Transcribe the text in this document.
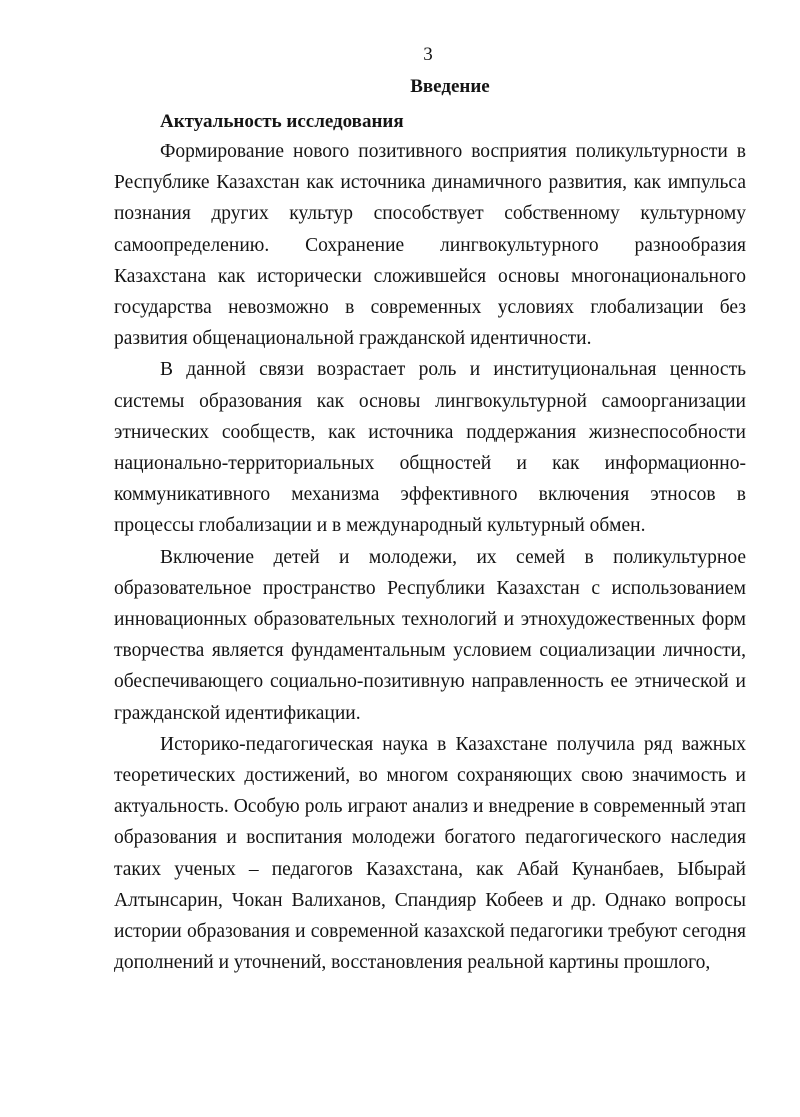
3
Введение
Актуальность исследования

Формирование нового позитивного восприятия поликультурности в Республике Казахстан как источника динамичного развития, как импульса познания других культур способствует собственному культурному самоопределению. Сохранение лингвокультурного разнообразия Казахстана как исторически сложившейся основы многонационального государства невозможно в современных условиях глобализации без развития общенациональной гражданской идентичности.

В данной связи возрастает роль и институциональная ценность системы образования как основы лингвокультурной самоорганизации этнических сообществ, как источника поддержания жизнеспособности национально-территориальных общностей и как информационно-коммуникативного механизма эффективного включения этносов в процессы глобализации и в международный культурный обмен.

Включение детей и молодежи, их семей в поликультурное образовательное пространство Республики Казахстан с использованием инновационных образовательных технологий и этнохудожественных форм творчества является фундаментальным условием социализации личности, обеспечивающего социально-позитивную направленность ее этнической и гражданской идентификации.

Историко-педагогическая наука в Казахстане получила ряд важных теоретических достижений, во многом сохраняющих свою значимость и актуальность. Особую роль играют анализ и внедрение в современный этап образования и воспитания молодежи богатого педагогического наследия таких ученых – педагогов Казахстана, как Абай Кунанбаев, Ыбырай Алтынсарин, Чокан Валиханов, Спандияр Кобеев и др. Однако вопросы истории образования и современной казахской педагогики требуют сегодня дополнений и уточнений, восстановления реальной картины прошлого,
